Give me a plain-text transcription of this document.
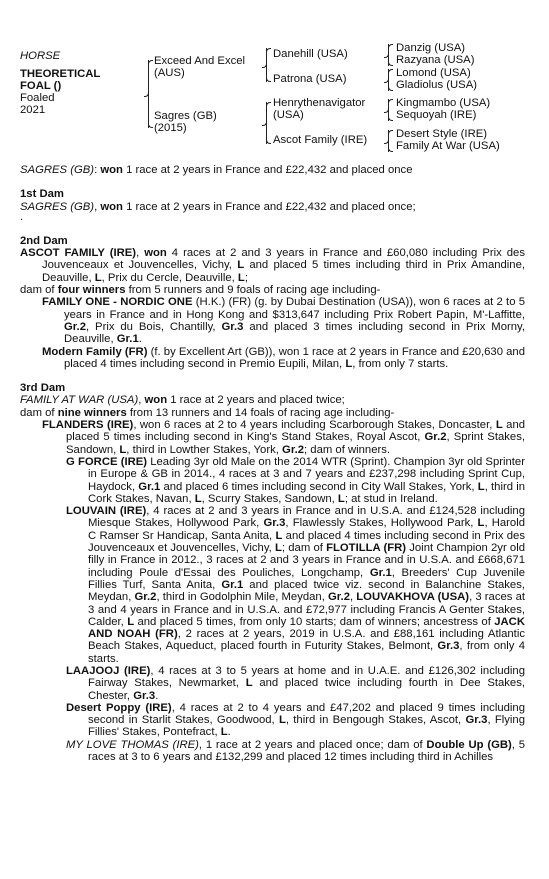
HORSE
THEORETICAL
FOAL ()
Foaled
2021
Exceed And Excel
(AUS)
Sagres (GB)
(2015)
Danehill (USA)
Patrona (USA)
Henrythenavigator
(USA)
Ascot Family (IRE)
Danzig (USA)
Razyana (USA)
Lomond (USA)
Gladiolus (USA)
Kingmambo (USA)
Sequoyah (IRE)
Desert Style (IRE)
Family At War (USA)

SAGRES (GB): won 1 race at 2 years in France and £22,432 and placed once

1st Dam

SAGRES (GB), won 1 race at 2 years in France and £22,432 and placed once;

.

2nd Dam

ASCOT FAMILY (IRE), won 4 races at 2 and 3 years in France and £60,080 including Prix des Jouvenceaux et Jouvencelles, Vichy, L and placed 5 times including third in Prix Amandine, Deauville, L, Prix du Cercle, Deauville, L;

dam of four winners from 5 runners and 9 foals of racing age including-

FAMILY ONE - NORDIC ONE (H.K.) (FR) (g. by Dubai Destination (USA)), won 6 races at 2 to 5 years in France and in Hong Kong and $313,647 including Prix Robert Papin, M'-Laffitte, Gr.2, Prix du Bois, Chantilly, Gr.3 and placed 3 times including second in Prix Morny, Deauville, Gr.1.

Modern Family (FR) (f. by Excellent Art (GB)), won 1 race at 2 years in France and £20,630 and placed 4 times including second in Premio Eupili, Milan, L, from only 7 starts.

3rd Dam

FAMILY AT WAR (USA), won 1 race at 2 years and placed twice;

dam of nine winners from 13 runners and 14 foals of racing age including-

FLANDERS (IRE), won 6 races at 2 to 4 years including Scarborough Stakes, Doncaster, L and placed 5 times including second in King's Stand Stakes, Royal Ascot, Gr.2, Sprint Stakes, Sandown, L, third in Lowther Stakes, York, Gr.2; dam of winners.

G FORCE (IRE) Leading 3yr old Male on the 2014 WTR (Sprint). Champion 3yr old Sprinter in Europe & GB in 2014., 4 races at 3 and 7 years and £237,298 including Sprint Cup, Haydock, Gr.1 and placed 6 times including second in City Wall Stakes, York, L, third in Cork Stakes, Navan, L, Scurry Stakes, Sandown, L; at stud in Ireland.

LOUVAIN (IRE), 4 races at 2 and 3 years in France and in U.S.A. and £124,528 including Miesque Stakes, Hollywood Park, Gr.3, Flawlessly Stakes, Hollywood Park, L, Harold C Ramser Sr Handicap, Santa Anita, L and placed 4 times including second in Prix des Jouvenceaux et Jouvencelles, Vichy, L; dam of FLOTILLA (FR) Joint Champion 2yr old filly in France in 2012., 3 races at 2 and 3 years in France and in U.S.A. and £668,671 including Poule d'Essai des Pouliches, Longchamp, Gr.1, Breeders' Cup Juvenile Fillies Turf, Santa Anita, Gr.1 and placed twice viz. second in Balanchine Stakes, Meydan, Gr.2, third in Godolphin Mile, Meydan, Gr.2, LOUVAKHOVA (USA), 3 races at 3 and 4 years in France and in U.S.A. and £72,977 including Francis A Genter Stakes, Calder, L and placed 5 times, from only 10 starts; dam of winners; ancestress of JACK AND NOAH (FR), 2 races at 2 years, 2019 in U.S.A. and £88,161 including Atlantic Beach Stakes, Aqueduct, placed fourth in Futurity Stakes, Belmont, Gr.3, from only 4 starts.

LAAJOOJ (IRE), 4 races at 3 to 5 years at home and in U.A.E. and £126,302 including Fairway Stakes, Newmarket, L and placed twice including fourth in Dee Stakes, Chester, Gr.3.

Desert Poppy (IRE), 4 races at 2 to 4 years and £47,202 and placed 9 times including second in Starlit Stakes, Goodwood, L, third in Bengough Stakes, Ascot, Gr.3, Flying Fillies' Stakes, Pontefract, L.

MY LOVE THOMAS (IRE), 1 race at 2 years and placed once; dam of Double Up (GB), 5 races at 3 to 6 years and £132,299 and placed 12 times including third in Achilles
